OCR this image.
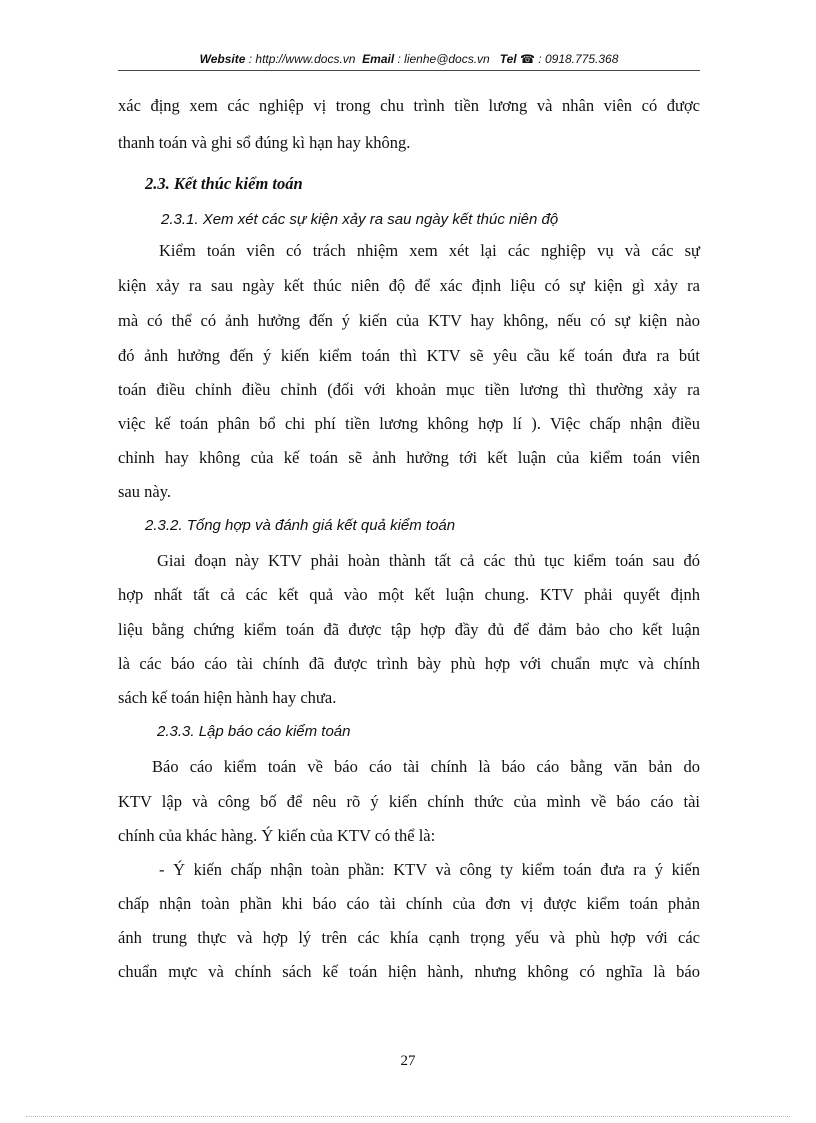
Website : http://www.docs.vn Email : lienhe@docs.vn Tel ☎ : 0918.775.368
xác địng xem các nghiệp vị trong chu trình tiền lương và nhân viên có được
thanh toán và ghi sổ đúng kì hạn hay không.
2.3. Kết thúc kiểm toán
2.3.1. Xem xét các sự kiện xảy ra sau ngày kết thúc niên độ
Kiểm toán viên có trách nhiệm xem xét lại các nghiệp vụ và các sự
kiện xảy ra sau ngày kết thúc niên độ để xác định liệu có sự kiện gì xảy ra
mà có thể có ảnh hưởng đến ý kiến của KTV hay không, nếu có sự kiện nào
đó ảnh hưởng đến ý kiến kiểm toán thì KTV sẽ yêu cầu kế toán đưa ra bút
toán điều chỉnh điều chỉnh (đối với khoản mục tiền lương thì thường xảy ra
việc kế toán phân bổ chi phí tiền lương không hợp lí ). Việc chấp nhận điều
chỉnh hay không của kế toán sẽ ảnh hưởng tới kết luận của kiểm toán viên
sau này.
2.3.2. Tổng hợp và đánh giá kết quả kiểm toán
Giai đoạn này KTV phải hoàn thành tất cả các thủ tục kiểm toán sau đó
hợp nhất tất cả các kết quả vào một kết luận chung. KTV phải quyết định
liệu bằng chứng kiểm toán đã được tập hợp đầy đủ để đảm bảo cho kết luận
là các báo cáo tài chính đã được trình bày phù hợp với chuẩn mực và chính
sách kế toán hiện hành hay chưa.
2.3.3. Lập báo cáo kiểm toán
Báo cáo kiểm toán về báo cáo tài chính là báo cáo bằng văn bản do
KTV lập và công bố để nêu rõ ý kiến chính thức của mình về báo cáo tài
chính của khác hàng. Ý kiến của KTV có thể là:
- Ý kiến chấp nhận toàn phần: KTV và công ty kiểm toán đưa ra ý kiến
chấp nhận toàn phần khi báo cáo tài chính của đơn vị được kiểm toán phản
ánh trung thực và hợp lý trên các khía cạnh trọng yếu và phù hợp với các
chuẩn mực và chính sách kế toán hiện hành, nhưng không có nghĩa là báo
27
